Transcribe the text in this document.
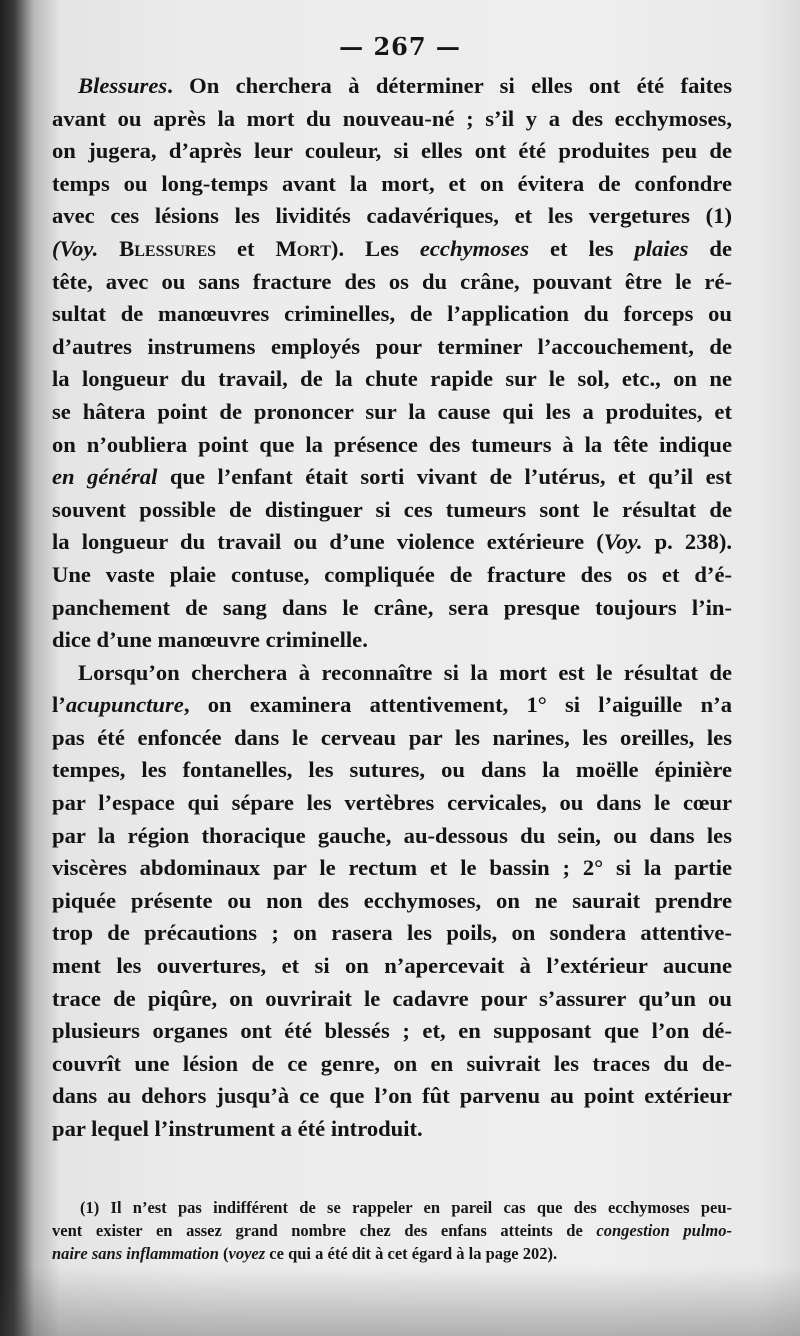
— 267 —
Blessures. On cherchera à déterminer si elles ont été faites
avant ou après la mort du nouveau-né ; s’il y a des ecchymoses,
on jugera, d’après leur couleur, si elles ont été produites peu de
temps ou long-temps avant la mort, et on évitera de confondre
avec ces lésions les lividités cadavériques, et les vergetures (1)
(Voy. Blessures et Mort). Les ecchymoses et les plaies de
tête, avec ou sans fracture des os du crâne, pouvant être le ré-
sultat de manœuvres criminelles, de l’application du forceps ou
d’autres instrumens employés pour terminer l’accouchement, de
la longueur du travail, de la chute rapide sur le sol, etc., on ne
se hâtera point de prononcer sur la cause qui les a produites, et
on n’oubliera point que la présence des tumeurs à la tête indique
en général que l’enfant était sorti vivant de l’utérus, et qu’il est
souvent possible de distinguer si ces tumeurs sont le résultat de
la longueur du travail ou d’une violence extérieure (Voy. p. 238).
Une vaste plaie contuse, compliquée de fracture des os et d’é-
panchement de sang dans le crâne, sera presque toujours l’in-
dice d’une manœuvre criminelle.
Lorsqu’on cherchera à reconnaître si la mort est le résultat de
l’acupuncture, on examinera attentivement, 1° si l’aiguille n’a
pas été enfoncée dans le cerveau par les narines, les oreilles, les
tempes, les fontanelles, les sutures, ou dans la moëlle épinière
par l’espace qui sépare les vertèbres cervicales, ou dans le cœur
par la région thoracique gauche, au-dessous du sein, ou dans les
viscères abdominaux par le rectum et le bassin ; 2° si la partie
piquée présente ou non des ecchymoses, on ne saurait prendre
trop de précautions ; on rasera les poils, on sondera attentive-
ment les ouvertures, et si on n’apercevait à l’extérieur aucune
trace de piqûre, on ouvrirait le cadavre pour s’assurer qu’un ou
plusieurs organes ont été blessés ; et, en supposant que l’on dé-
couvrît une lésion de ce genre, on en suivrait les traces du de-
dans au dehors jusqu’à ce que l’on fût parvenu au point extérieur
par lequel l’instrument a été introduit.
(1) Il n’est pas indifférent de se rappeler en pareil cas que des ecchymoses peu-
vent exister en assez grand nombre chez des enfans atteints de congestion pulmo-
naire sans inflammation (voyez ce qui a été dit à cet égard à la page 202).
